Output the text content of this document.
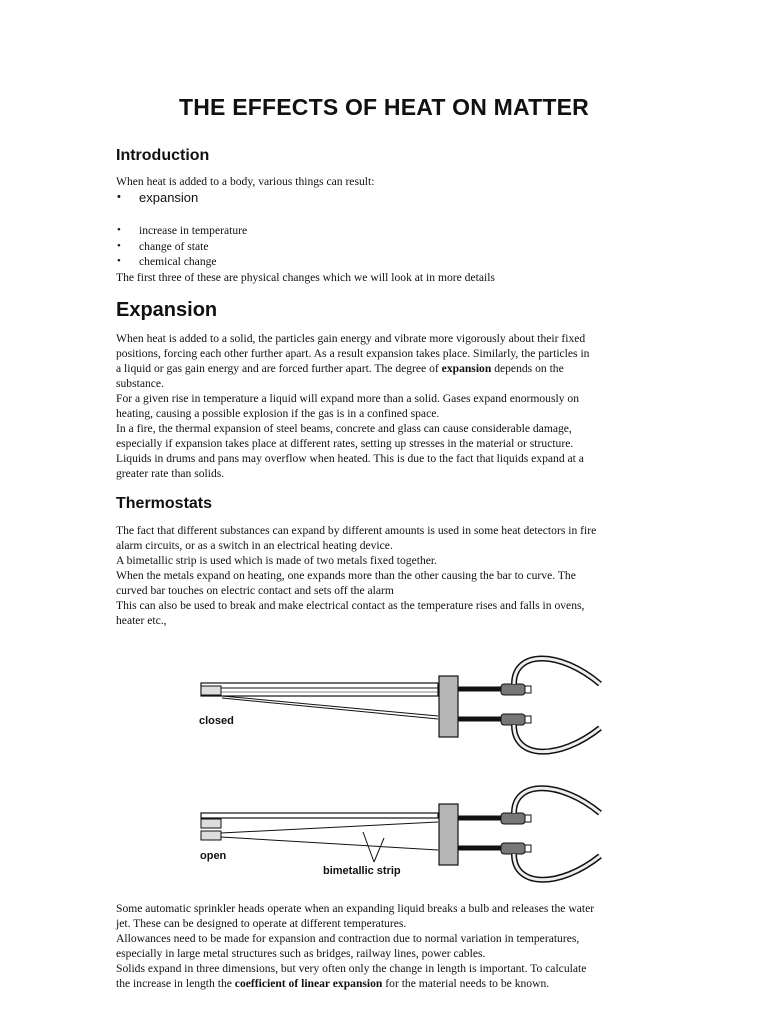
THE EFFECTS OF HEAT ON MATTER
Introduction
When heat is added to a body, various things can result:
• expansion
• increase in temperature
• change of state
• chemical change
The first three of these are physical changes which we will look at in more details
Expansion
When heat is added to a solid, the particles gain energy and vibrate more vigorously about their fixed
positions, forcing each other further apart. As a result expansion takes place. Similarly, the particles in
a liquid or gas gain energy and are forced further apart. The degree of expansion depends on the
substance.
For a given rise in temperature a liquid will expand more than a solid. Gases expand enormously on
heating, causing a possible explosion if the gas is in a confined space.
In a fire, the thermal expansion of steel beams, concrete and glass can cause considerable damage,
especially if expansion takes place at different rates, setting up stresses in the material or structure.
Liquids in drums and pans may overflow when heated. This is due to the fact that liquids expand at a
greater rate than solids.
Thermostats
The fact that different substances can expand by different amounts is used in some heat detectors in fire
alarm circuits, or as a switch in an electrical heating device.
A bimetallic strip is used which is made of two metals fixed together.
When the metals expand on heating, one expands more than the other causing the bar to curve. The
curved bar touches on electric contact and sets off the alarm
This can also be used to break and make electrical contact as the temperature rises and falls in ovens,
heater etc.,
closed
open
bimetallic strip
Some automatic sprinkler heads operate when an expanding liquid breaks a bulb and releases the water
jet. These can be designed to operate at different temperatures.
Allowances need to be made for expansion and contraction due to normal variation in temperatures,
especially in large metal structures such as bridges, railway lines, power cables.
Solids expand in three dimensions, but very often only the change in length is important. To calculate
the increase in length the coefficient of linear expansion for the material needs to be known.
